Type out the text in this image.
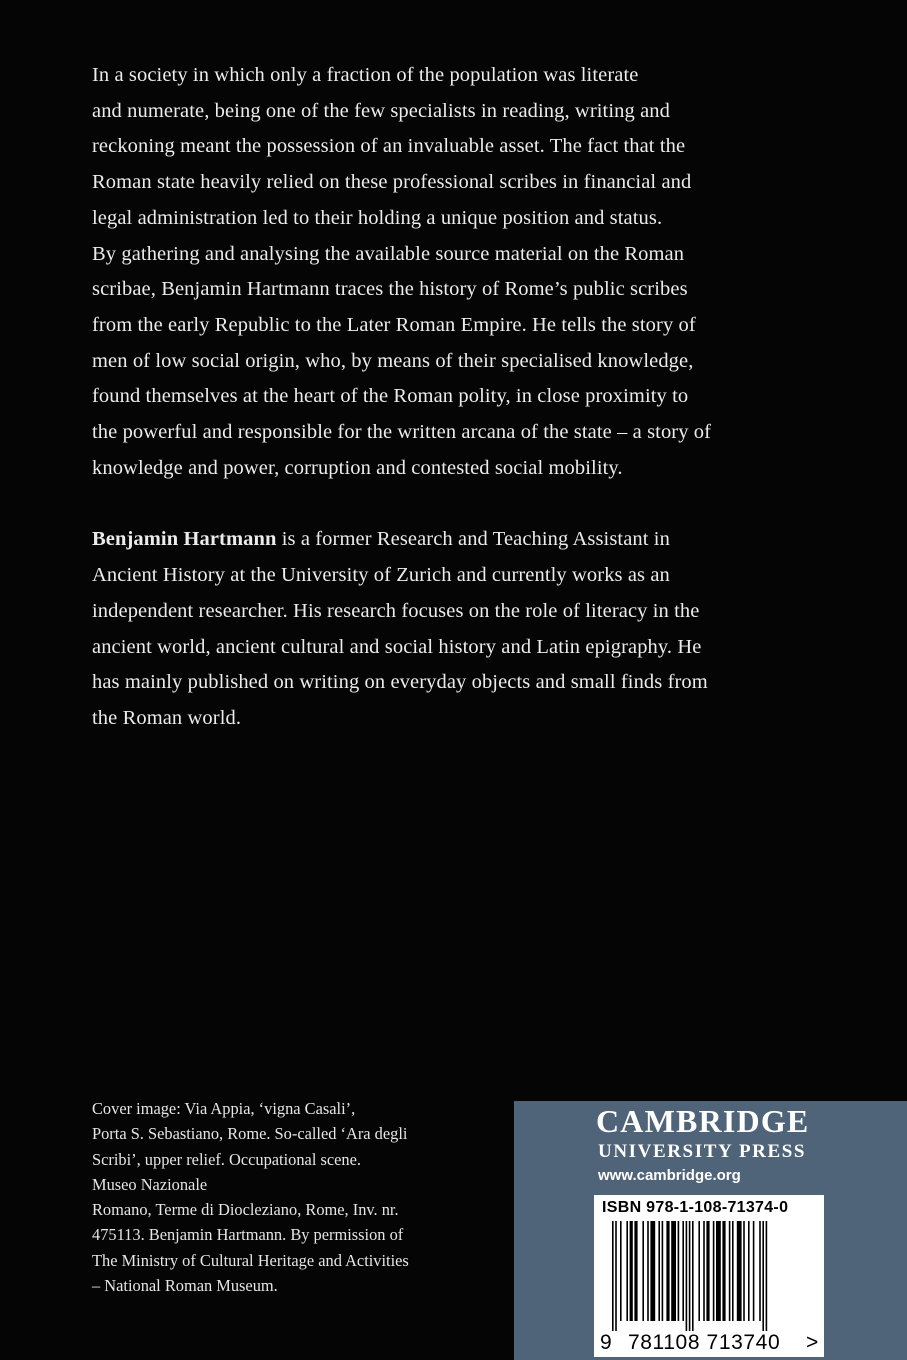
In a society in which only a fraction of the population was literate
and numerate, being one of the few specialists in reading, writing and
reckoning meant the possession of an invaluable asset. The fact that the
Roman state heavily relied on these professional scribes in financial and
legal administration led to their holding a unique position and status.
By gathering and analysing the available source material on the Roman
scribae, Benjamin Hartmann traces the history of Rome’s public scribes
from the early Republic to the Later Roman Empire. He tells the story of
men of low social origin, who, by means of their specialised knowledge,
found themselves at the heart of the Roman polity, in close proximity to
the powerful and responsible for the written arcana of the state – a story of
knowledge and power, corruption and contested social mobility.
Benjamin Hartmann is a former Research and Teaching Assistant in
Ancient History at the University of Zurich and currently works as an
independent researcher. His research focuses on the role of literacy in the
ancient world, ancient cultural and social history and Latin epigraphy. He
has mainly published on writing on everyday objects and small finds from
the Roman world.
Cover image: Via Appia, ‘vigna Casali’,
Porta S. Sebastiano, Rome. So-called ‘Ara degli
Scribi’, upper relief. Occupational scene.
Museo Nazionale
Romano, Terme di Diocleziano, Rome, Inv. nr.
475113. Benjamin Hartmann. By permission of
The Ministry of Cultural Heritage and Activities
– National Roman Museum.
CAMBRIDGE
UNIVERSITY PRESS
www.cambridge.org
ISBN 978-1-108-71374-0
9 781108 713740 >
